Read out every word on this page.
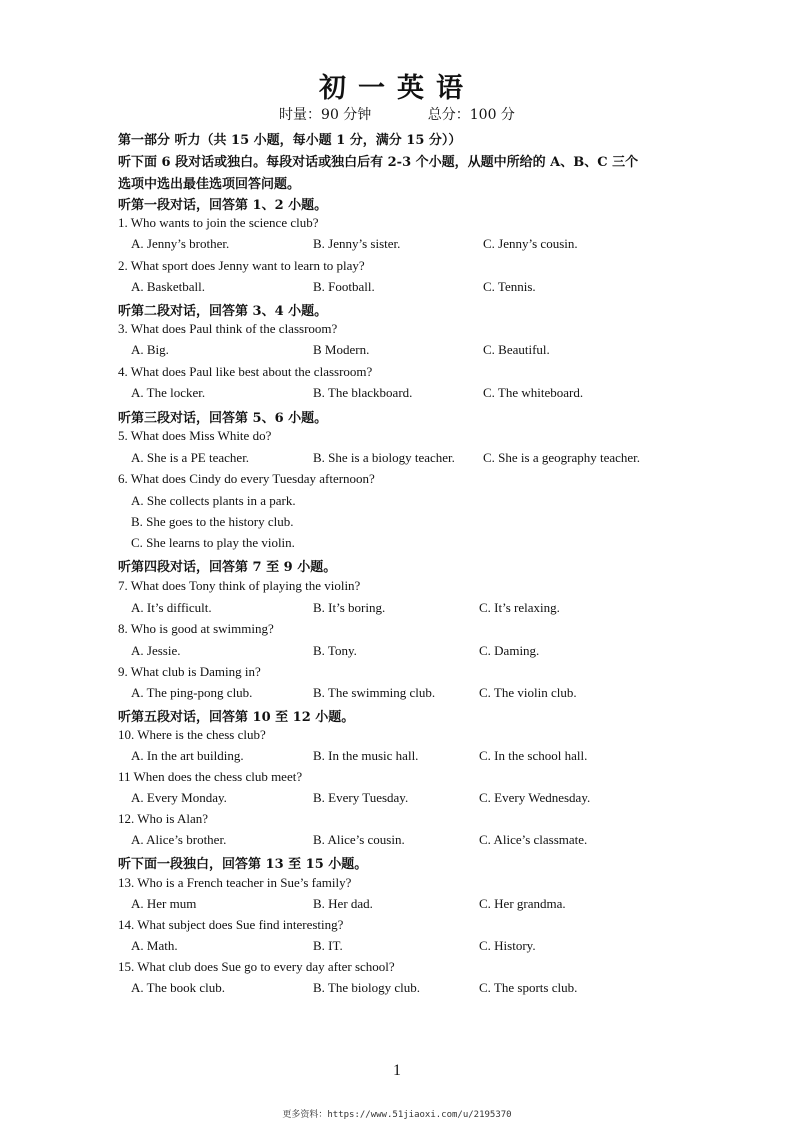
初一英语
时量：90 分钟	总分：100 分
第一部分 听力（共 15 小题，每小题 1 分，满分 15 分））
听下面 6 段对话或独白。每段对话或独白后有 2-3 个小题，从题中所给的 A、B、C 三个
选项中选出最佳选项回答问题。
听第一段对话，回答第 1、2 小题。
1. Who wants to join the science club?
A. Jenny’s brother.	B. Jenny’s sister.	C. Jenny’s cousin.
2. What sport does Jenny want to learn to play?
A. Basketball.	B. Football.	C. Tennis.
听第二段对话，回答第 3、4 小题。
3. What does Paul think of the classroom?
A. Big.	B Modern.	C. Beautiful.
4. What does Paul like best about the classroom?
A. The locker.	B. The blackboard.	C. The whiteboard.
听第三段对话，回答第 5、6 小题。
5. What does Miss White do?
A. She is a PE teacher.	B. She is a biology teacher. C. She is a geography teacher.
6. What does Cindy do every Tuesday afternoon?
A. She collects plants in a park.
B. She goes to the history club.
C. She learns to play the violin.
听第四段对话，回答第 7 至 9 小题。
7. What does Tony think of playing the violin?
A. It’s difficult.	B. It’s boring.	C. It’s relaxing.
8. Who is good at swimming?
A. Jessie.	B. Tony.	C. Daming.
9. What club is Daming in?
A. The ping-pong club.	B. The swimming club.	C. The violin club.
听第五段对话，回答第 10 至 12 小题。
10. Where is the chess club?
A. In the art building.	B. In the music hall.	C. In the school hall.
11 When does the chess club meet?
A. Every Monday.	B. Every Tuesday.	C. Every Wednesday.
12. Who is Alan?
A. Alice’s brother.	B. Alice’s cousin.	C. Alice’s classmate.
听下面一段独白，回答第 13 至 15 小题。
13. Who is a French teacher in Sue’s family?
A. Her mum	B. Her dad.	C. Her grandma.
14. What subject does Sue find interesting?
A. Math.	B. IT.	C. History.
15. What club does Sue go to every day after school?
A. The book club.	B. The biology club.	C. The sports club.
1
更多资料：https://www.51jiaoxi.com/u/2195370
